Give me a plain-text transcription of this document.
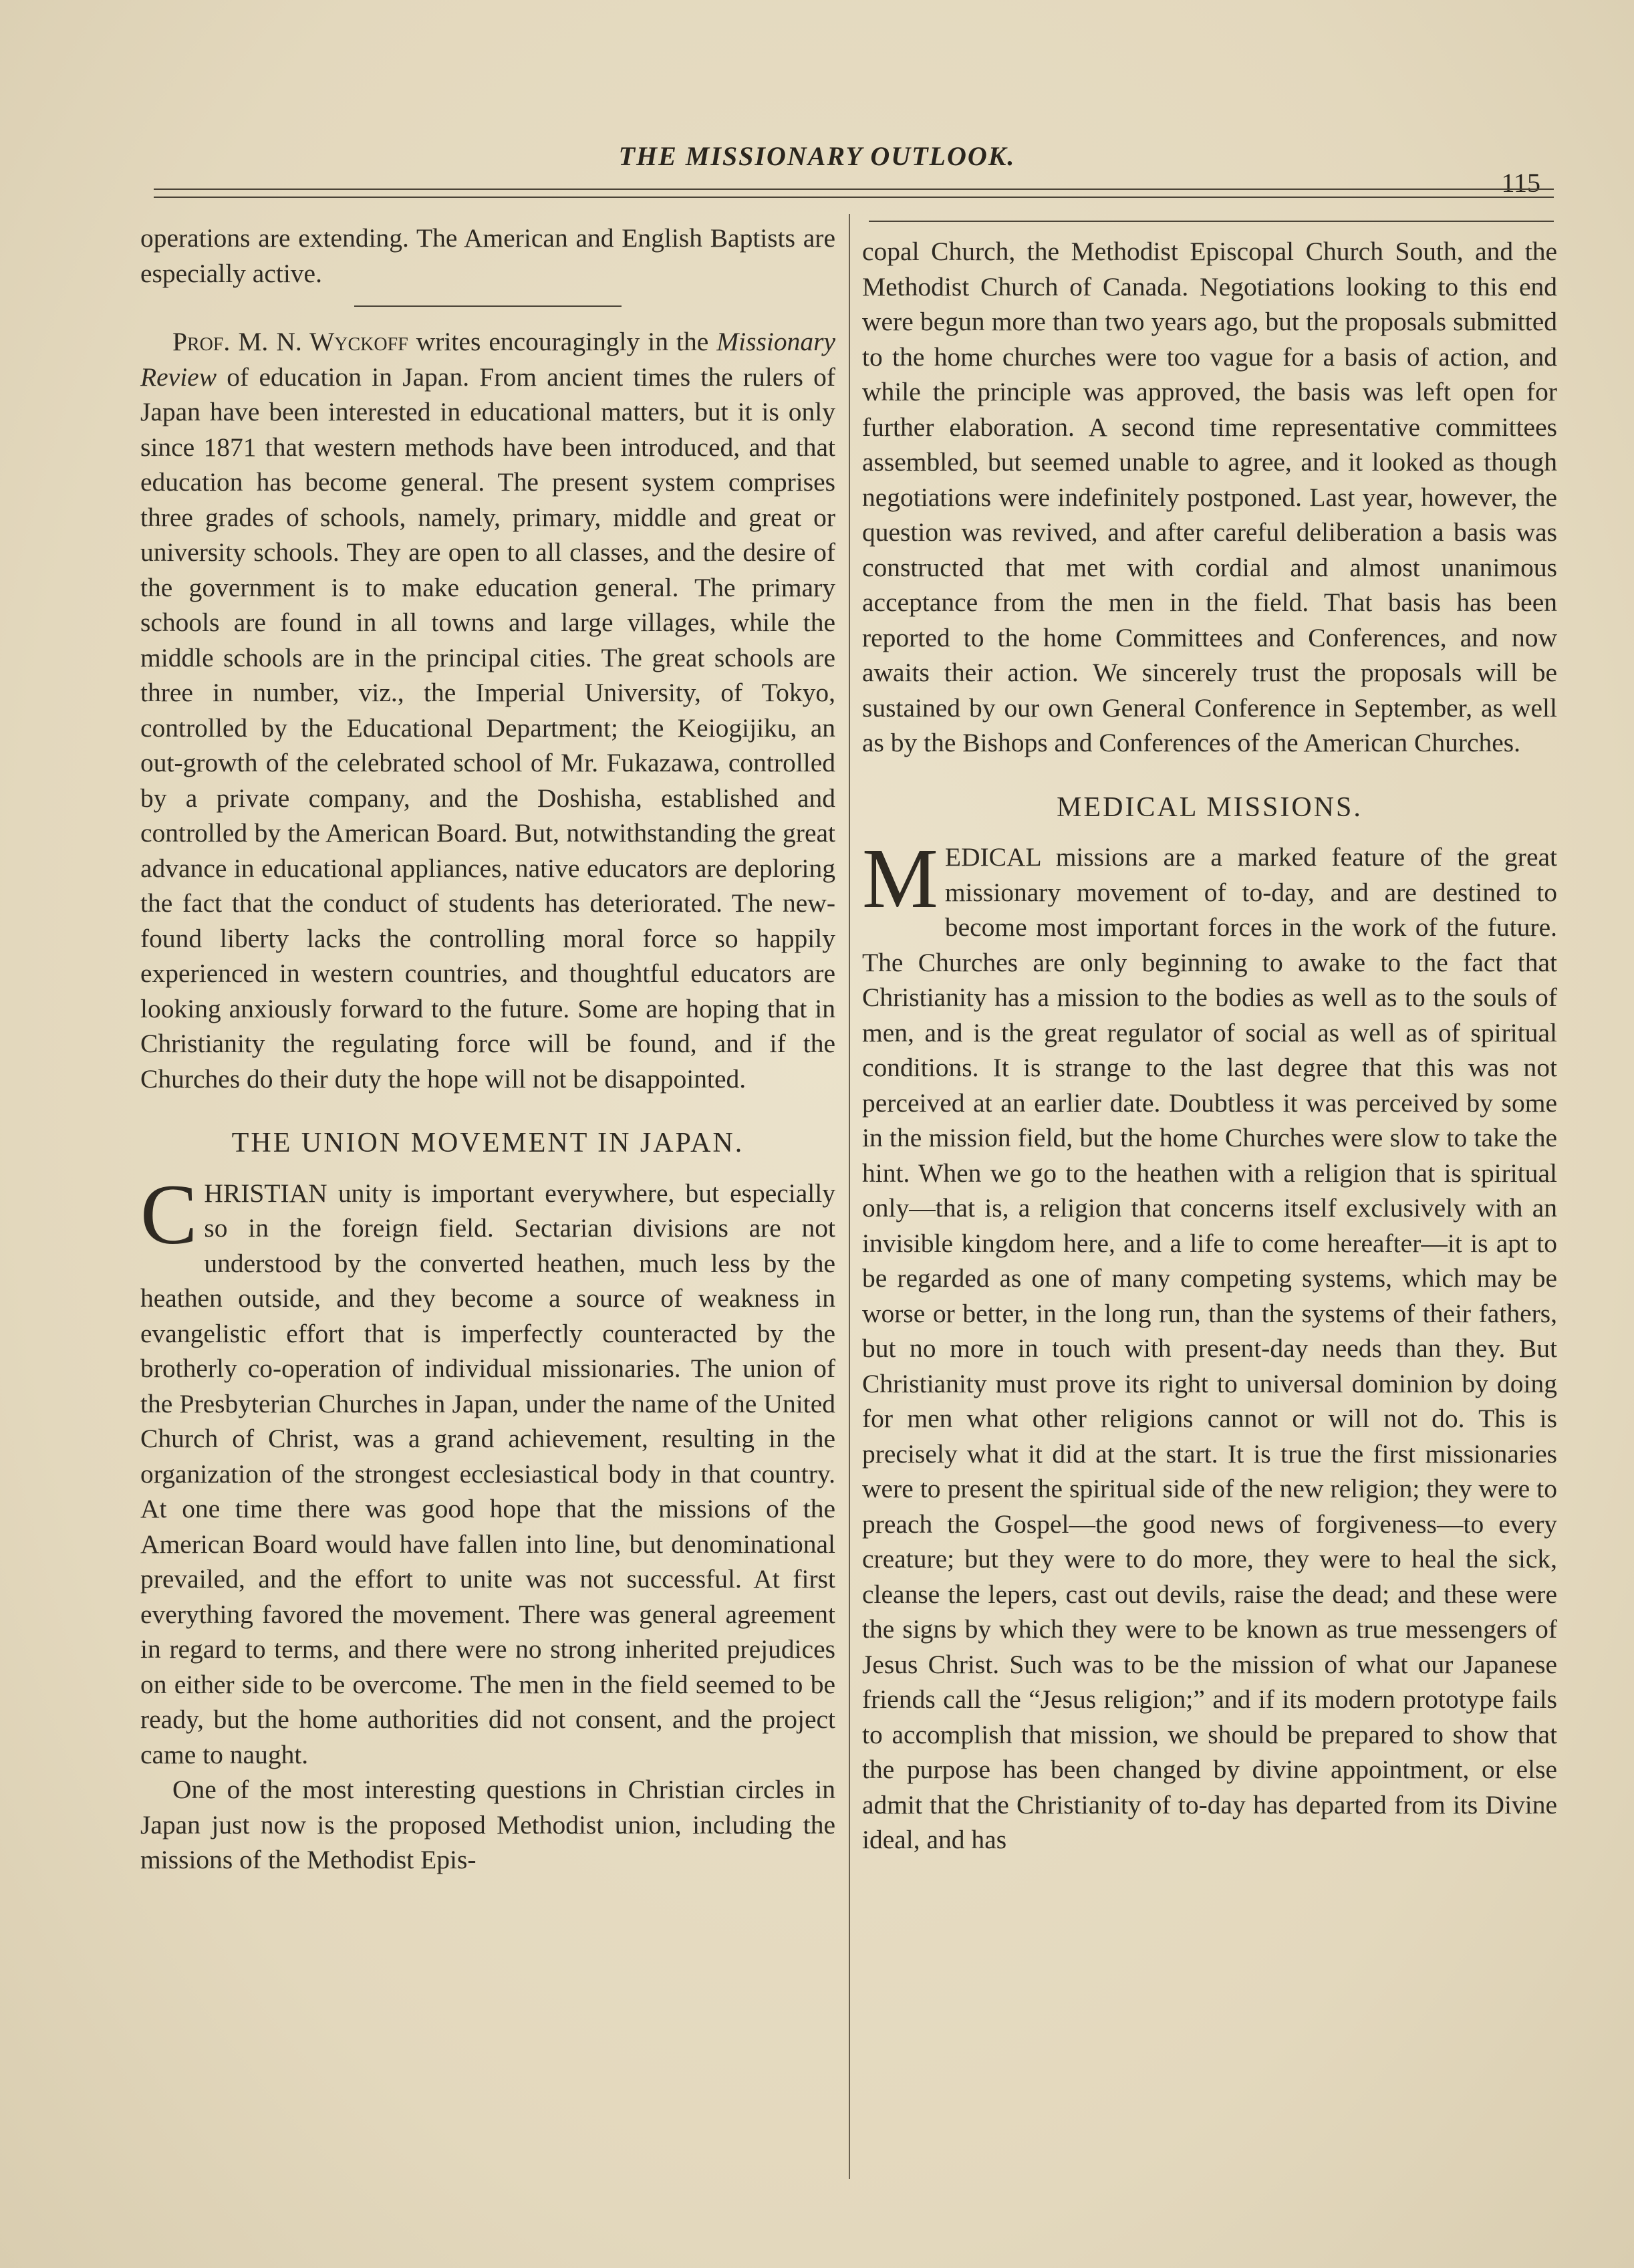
THE MISSIONARY OUTLOOK.
115

operations are extending. The American and English Baptists are especially active.

Prof. M. N. Wyckoff writes encouragingly in the Missionary Review of education in Japan. From ancient times the rulers of Japan have been interested in educational matters, but it is only since 1871 that western methods have been introduced, and that education has become general. The present system comprises three grades of schools, namely, primary, middle and great or university schools. They are open to all classes, and the desire of the government is to make education general. The primary schools are found in all towns and large villages, while the middle schools are in the principal cities. The great schools are three in number, viz., the Imperial University, of Tokyo, controlled by the Educational Department; the Keiogijiku, an out-growth of the celebrated school of Mr. Fukazawa, controlled by a private company, and the Doshisha, established and controlled by the American Board. But, notwithstanding the great advance in educational appliances, native educators are deploring the fact that the conduct of students has deteriorated. The new-found liberty lacks the controlling moral force so happily experienced in western countries, and thoughtful educators are looking anxiously forward to the future. Some are hoping that in Christianity the regulating force will be found, and if the Churches do their duty the hope will not be disappointed.

THE UNION MOVEMENT IN JAPAN.

CHRISTIAN unity is important everywhere, but especially so in the foreign field. Sectarian divisions are not understood by the converted heathen, much less by the heathen outside, and they become a source of weakness in evangelistic effort that is imperfectly counteracted by the brotherly co-operation of individual missionaries. The union of the Presbyterian Churches in Japan, under the name of the United Church of Christ, was a grand achievement, resulting in the organization of the strongest ecclesiastical body in that country. At one time there was good hope that the missions of the American Board would have fallen into line, but denominational prevailed, and the effort to unite was not successful. At first everything favored the movement. There was general agreement in regard to terms, and there were no strong inherited prejudices on either side to be overcome. The men in the field seemed to be ready, but the home authorities did not consent, and the project came to naught.

One of the most interesting questions in Christian circles in Japan just now is the proposed Methodist union, including the missions of the Methodist Epis-

copal Church, the Methodist Episcopal Church South, and the Methodist Church of Canada. Negotiations looking to this end were begun more than two years ago, but the proposals submitted to the home churches were too vague for a basis of action, and while the principle was approved, the basis was left open for further elaboration. A second time representative committees assembled, but seemed unable to agree, and it looked as though negotiations were indefinitely postponed. Last year, however, the question was revived, and after careful deliberation a basis was constructed that met with cordial and almost unanimous acceptance from the men in the field. That basis has been reported to the home Committees and Conferences, and now awaits their action. We sincerely trust the proposals will be sustained by our own General Conference in September, as well as by the Bishops and Conferences of the American Churches.

MEDICAL MISSIONS.

MEDICAL missions are a marked feature of the great missionary movement of to-day, and are destined to become most important forces in the work of the future. The Churches are only beginning to awake to the fact that Christianity has a mission to the bodies as well as to the souls of men, and is the great regulator of social as well as of spiritual conditions. It is strange to the last degree that this was not perceived at an earlier date. Doubtless it was perceived by some in the mission field, but the home Churches were slow to take the hint. When we go to the heathen with a religion that is spiritual only—that is, a religion that concerns itself exclusively with an invisible kingdom here, and a life to come hereafter—it is apt to be regarded as one of many competing systems, which may be worse or better, in the long run, than the systems of their fathers, but no more in touch with present-day needs than they. But Christianity must prove its right to universal dominion by doing for men what other religions cannot or will not do. This is precisely what it did at the start. It is true the first missionaries were to present the spiritual side of the new religion; they were to preach the Gospel—the good news of forgiveness—to every creature; but they were to do more, they were to heal the sick, cleanse the lepers, cast out devils, raise the dead; and these were the signs by which they were to be known as true messengers of Jesus Christ. Such was to be the mission of what our Japanese friends call the “Jesus religion;” and if its modern prototype fails to accomplish that mission, we should be prepared to show that the purpose has been changed by divine appointment, or else admit that the Christianity of to-day has departed from its Divine ideal, and has
